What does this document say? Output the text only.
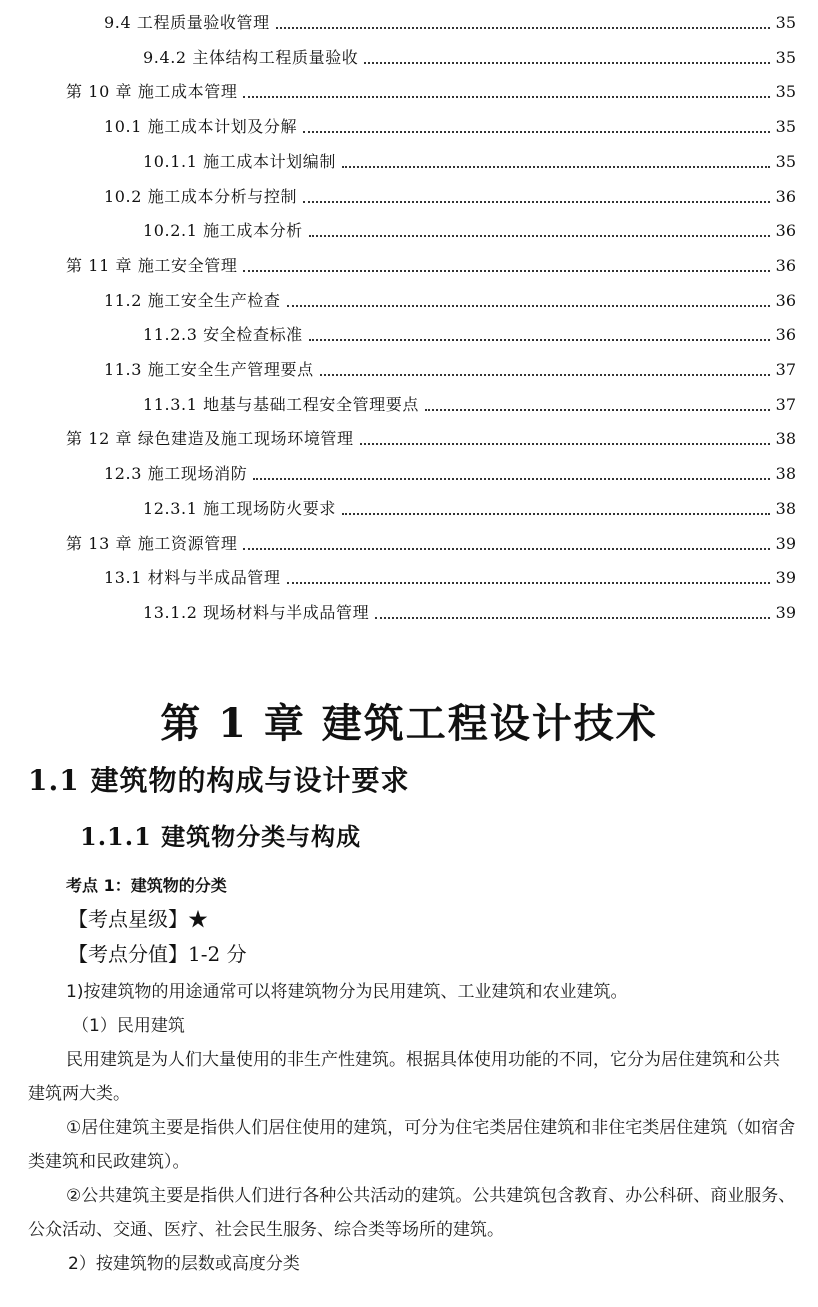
9.4 工程质量验收管理	35
9.4.2 主体结构工程质量验收	35
第 10 章 施工成本管理	35
10.1 施工成本计划及分解	35
10.1.1 施工成本计划编制	35
10.2 施工成本分析与控制	36
10.2.1 施工成本分析	36
第 11 章 施工安全管理	36
11.2 施工安全生产检查	36
11.2.3 安全检查标准	36
11.3 施工安全生产管理要点	37
11.3.1 地基与基础工程安全管理要点	37
第 12 章 绿色建造及施工现场环境管理	38
12.3 施工现场消防	38
12.3.1 施工现场防火要求	38
第 13 章 施工资源管理	39
13.1 材料与半成品管理	39
13.1.2 现场材料与半成品管理	39
第 1 章 建筑工程设计技术
1.1 建筑物的构成与设计要求
1.1.1 建筑物分类与构成
考点 1：建筑物的分类
【考点星级】★
【考点分值】1-2 分

1)按建筑物的用途通常可以将建筑物分为民用建筑、工业建筑和农业建筑。

（1）民用建筑

民用建筑是为人们大量使用的非生产性建筑。根据具体使用功能的不同，它分为居住建筑和公共建筑两大类。

①居住建筑主要是指供人们居住使用的建筑，可分为住宅类居住建筑和非住宅类居住建筑（如宿舍类建筑和民政建筑）。

②公共建筑主要是指供人们进行各种公共活动的建筑。公共建筑包含教育、办公科研、商业服务、公众活动、交通、医疗、社会民生服务、综合类等场所的建筑。

2）按建筑物的层数或高度分类
